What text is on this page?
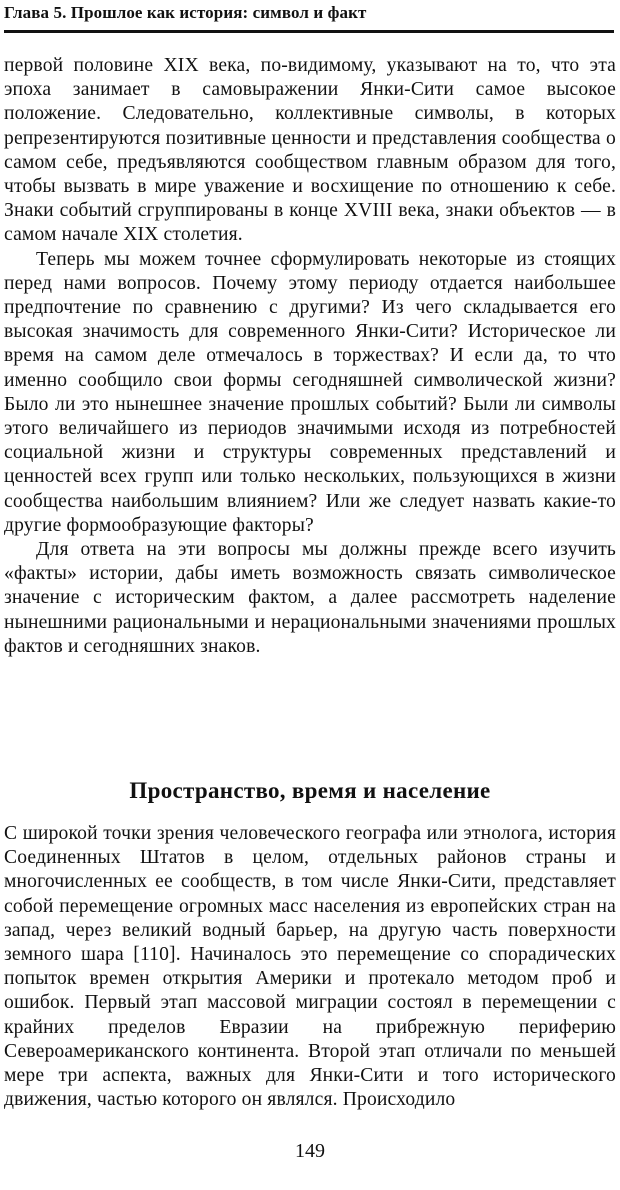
Глава 5. Прошлое как история: символ и факт

первой половине XIX века, по-видимому, указывают на то, что эта эпоха занимает в самовыражении Янки-Сити самое высокое положение. Следовательно, коллективные символы, в которых репрезентируются позитивные ценности и представления сообщества о самом себе, предъявляются сообществом главным образом для того, чтобы вызвать в мире уважение и восхищение по отношению к себе. Знаки событий сгруппированы в конце XVIII века, знаки объектов — в самом начале XIX столетия.

Теперь мы можем точнее сформулировать некоторые из стоящих перед нами вопросов. Почему этому периоду отдается наибольшее предпочтение по сравнению с другими? Из чего складывается его высокая значимость для современного Янки-Сити? Историческое ли время на самом деле отмечалось в торжествах? И если да, то что именно сообщило свои формы сегодняшней символической жизни? Было ли это нынешнее значение прошлых событий? Были ли символы этого величайшего из периодов значимыми исходя из потребностей социальной жизни и структуры современных представлений и ценностей всех групп или только нескольких, пользующихся в жизни сообщества наибольшим влиянием? Или же следует назвать какие-то другие формообразующие факторы?

Для ответа на эти вопросы мы должны прежде всего изучить «факты» истории, дабы иметь возможность связать символическое значение с историческим фактом, а далее рассмотреть наделение нынешними рациональными и нерациональными значениями прошлых фактов и сегодняшних знаков.

Пространство, время и население

С широкой точки зрения человеческого географа или этнолога, история Соединенных Штатов в целом, отдельных районов страны и многочисленных ее сообществ, в том числе Янки-Сити, представляет собой перемещение огромных масс населения из европейских стран на запад, через великий водный барьер, на другую часть поверхности земного шара [110]. Начиналось это перемещение со спорадических попыток времен открытия Америки и протекало методом проб и ошибок. Первый этап массовой миграции состоял в перемещении с крайних пределов Евразии на прибрежную периферию Североамериканского континента. Второй этап отличали по меньшей мере три аспекта, важных для Янки-Сити и того исторического движения, частью которого он являлся. Происходило

149
